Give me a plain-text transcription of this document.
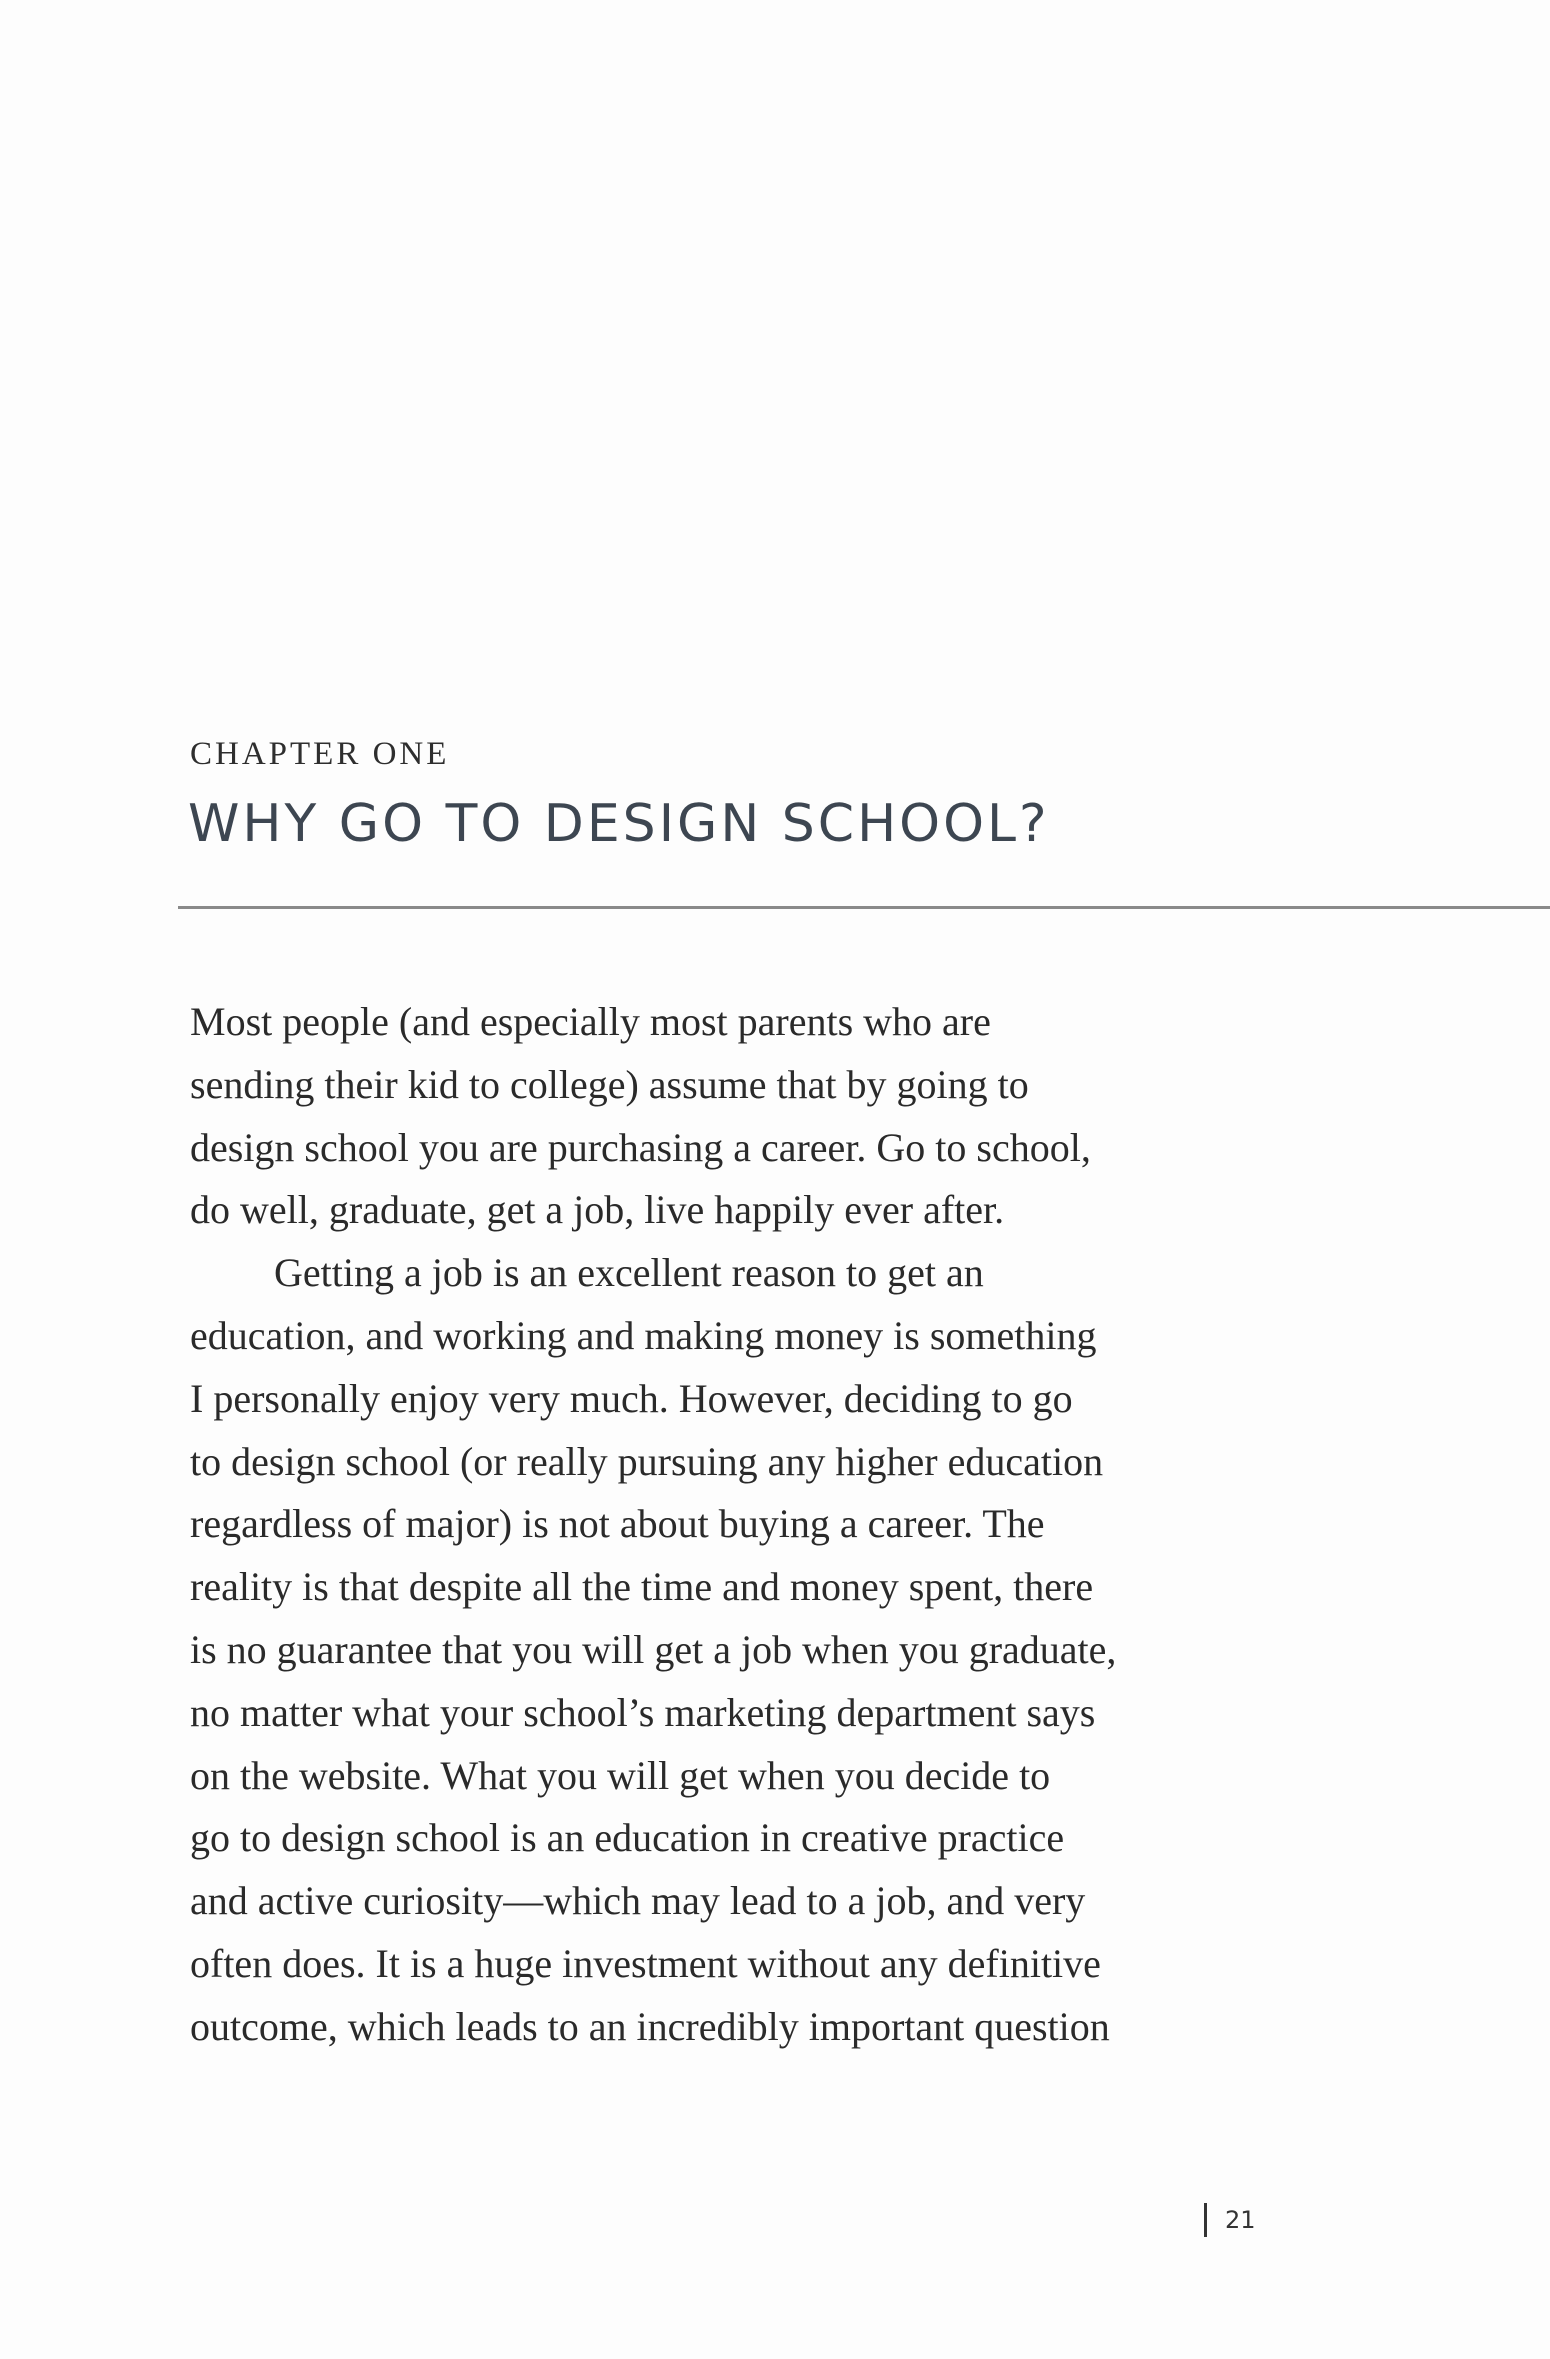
CHAPTER ONE
WHY GO TO DESIGN SCHOOL?
Most people (and especially most parents who are
sending their kid to college) assume that by going to
design school you are purchasing a career. Go to school,
do well, graduate, get a job, live happily ever after.
Getting a job is an excellent reason to get an
education, and working and making money is something
I personally enjoy very much. However, deciding to go
to design school (or really pursuing any higher education
regardless of major) is not about buying a career. The
reality is that despite all the time and money spent, there
is no guarantee that you will get a job when you graduate,
no matter what your school’s marketing department says
on the website. What you will get when you decide to
go to design school is an education in creative practice
and active curiosity—which may lead to a job, and very
often does. It is a huge investment without any definitive
outcome, which leads to an incredibly important question
21
